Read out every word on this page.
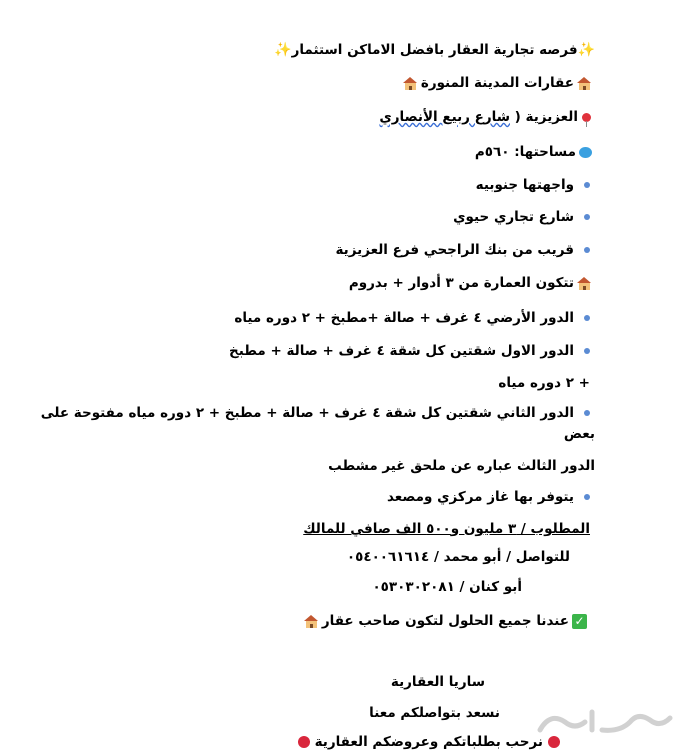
✨فرصه تجارية العقار بافضل الاماكن استثمار✨
عقارات المدينة المنورة
العزيزية ( شارع ربيع الأنصاري
مساحتها: ٥٦٠م
واجهتها جنوبيه
شارع تجاري حيوي
قريب من بنك الراجحي فرع العزيزية
تتكون العمارة من ٣ أدوار + بدروم
الدور الأرضي ٤ غرف + صالة +مطبخ + ٢ دوره مياه
الدور الاول شقتين كل شقة ٤ غرف + صالة + مطبخ
+ ٢ دوره مياه
الدور الثاني شقتين كل شقة ٤ غرف + صالة + مطبخ + ٢ دوره مياه مفتوحة على
بعض
الدور الثالث عباره عن ملحق غير مشطب
يتوفر بها غاز مركزي ومصعد
المطلوب / ٣ مليون و٥٠٠ الف صافي للمالك
للتواصل / أبو محمد / ٠٥٤٠٠٦١٦١٤
أبو كنان / ٠٥٣٠٣٠٢٠٨١
✓عندنا جميع الحلول لتكون صاحب عقار
ساريا العقارية
نسعد بتواصلكم معنا
نرحب بطلباتكم وعروضكم العقارية
